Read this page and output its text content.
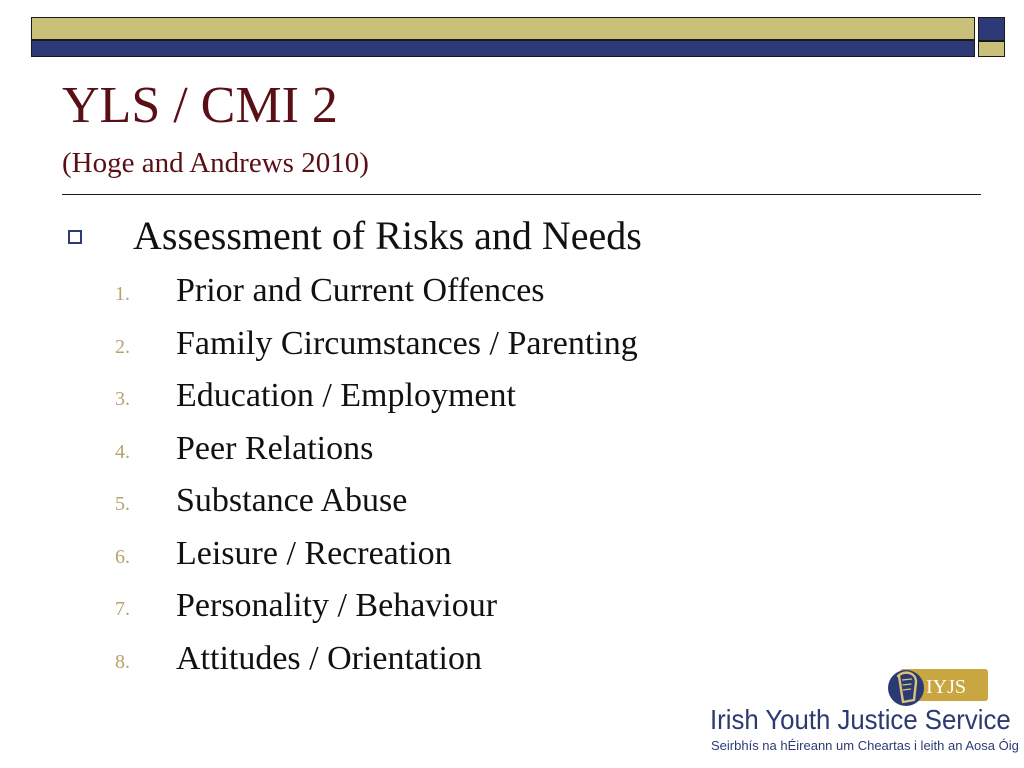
YLS / CMI 2

(Hoge and Andrews 2010)

Assessment of Risks and Needs

1. Prior and Current Offences
2. Family Circumstances / Parenting
3. Education / Employment
4. Peer Relations
5. Substance Abuse
6. Leisure / Recreation
7. Personality / Behaviour
8. Attitudes / Orientation
IYJS
Irish Youth Justice Service
Seirbhís na hÉireann um Cheartas i leith an Aosa Óig
